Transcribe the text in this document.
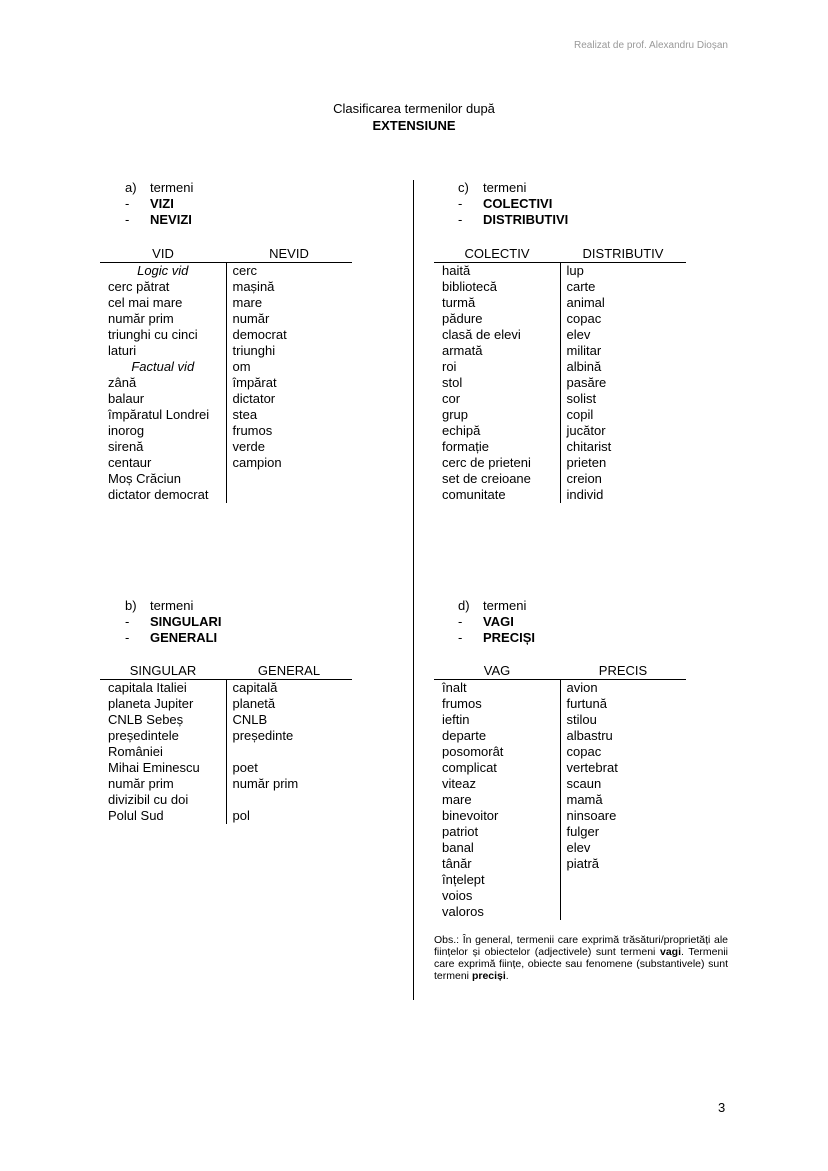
Realizat de prof. Alexandru Dioșan
Clasificarea termenilor după
EXTENSIUNE
a)	termeni
-	VIZI
-	NEVIZI
VID	NEVID

Logic vid	cerc
cerc pătrat	mașină
cel mai mare	mare
număr prim	număr
triunghi cu cinci	democrat
laturi	triunghi

Factual vid	om
zână	împărat
balaur	dictator
împăratul Londrei	stea
inorog	frumos
sirenă	verde
centaur	campion
Moș Crăciun	
dictator democrat	
c)	termeni
-	COLECTIVI
-	DISTRIBUTIVI
COLECTIV	DISTRIBUTIV
haită	lup
bibliotecă	carte
turmă	animal
pădure	copac
clasă de elevi	elev
armată	militar
roi	albină
stol	pasăre
cor	solist
grup	copil
echipă	jucător
formație	chitarist
cerc de prieteni	prieten
set de creioane	creion
comunitate	individ
b)	termeni
-	SINGULARI
-	GENERALI
SINGULAR	GENERAL
capitala Italiei	capitală
planeta Jupiter	planetă
CNLB Sebeș	CNLB
președintele	președinte
României	
Mihai Eminescu	poet
număr prim	număr prim
divizibil cu doi	
Polul Sud	pol
d)	termeni
-	VAGI
-	PRECIȘI
VAG	PRECIS
înalt	avion
frumos	furtună
ieftin	stilou
departe	albastru
posomorât	copac
complicat	vertebrat
viteaz	scaun
mare	mamă
binevoitor	ninsoare
patriot	fulger
banal	elev
tânăr	piatră
înțelept	
voios	
valoros	
Obs.: În general, termenii care exprimă trăsături/proprietăți ale ființelor și obiectelor (adjectivele) sunt termeni vagi. Termenii care exprimă ființe, obiecte sau fenomene (substantivele) sunt termeni preciși.
3
